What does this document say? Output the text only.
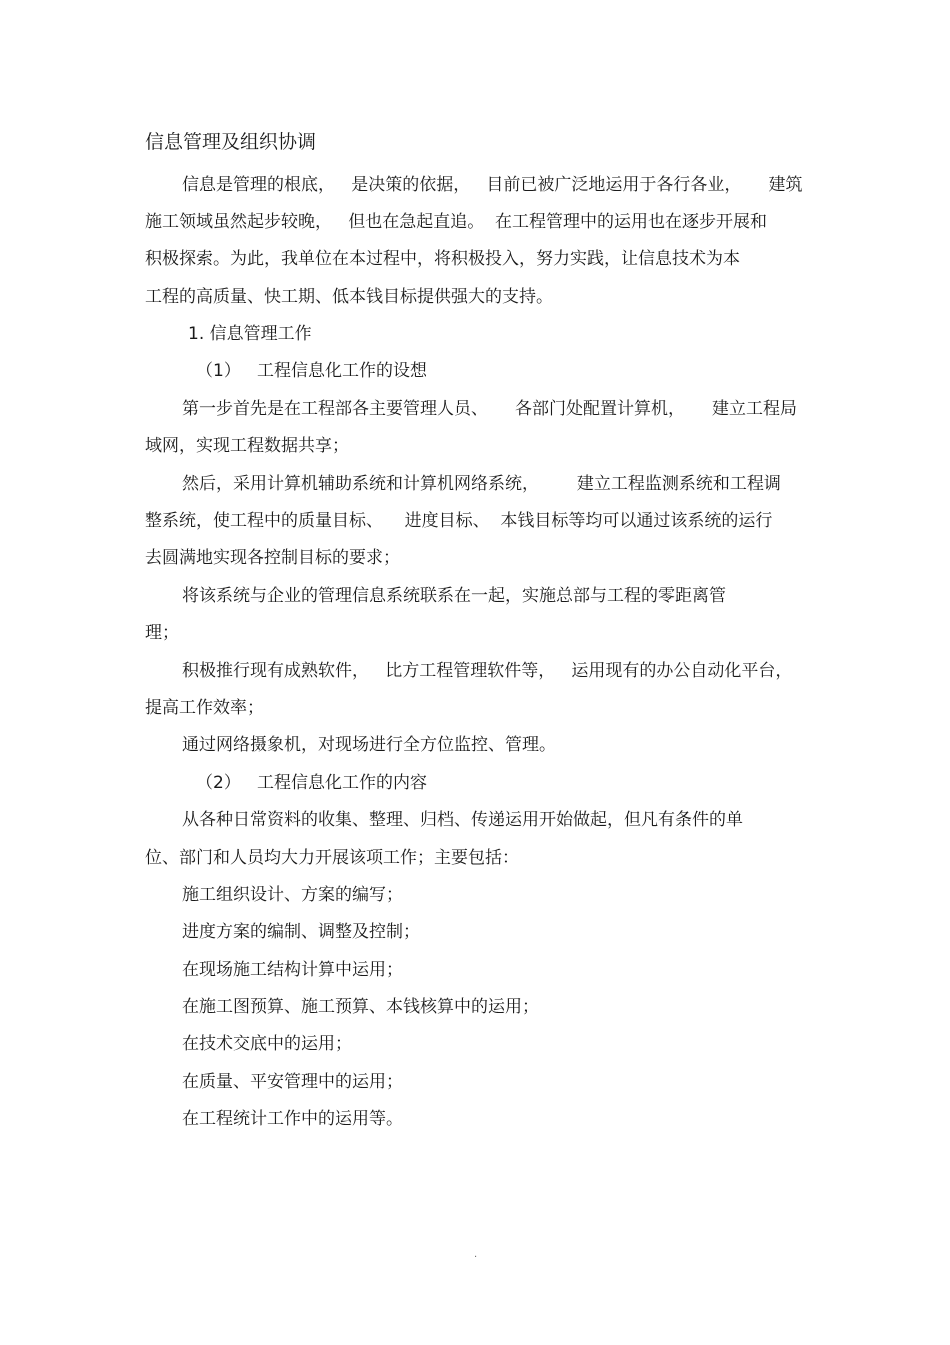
信息管理及组织协调
信息是管理的根底，   是决策的依据，   目前已被广泛地运用于各行各业，     建筑
施工领域虽然起步较晚，   但也在急起直追。  在工程管理中的运用也在逐步开展和
积极探索。为此，我单位在本过程中，将积极投入，努力实践，让信息技术为本
工程的高质量、快工期、低本钱目标提供强大的支持。
1. 信息管理工作
（1）   工程信息化工作的设想
第一步首先是在工程部各主要管理人员、     各部门处配置计算机，     建立工程局
域网，实现工程数据共享；
然后，采用计算机辅助系统和计算机网络系统，       建立工程监测系统和工程调
整系统，使工程中的质量目标、    进度目标、  本钱目标等均可以通过该系统的运行
去圆满地实现各控制目标的要求；
将该系统与企业的管理信息系统联系在一起，实施总部与工程的零距离管
理；
积极推行现有成熟软件，   比方工程管理软件等，   运用现有的办公自动化平台，
提高工作效率；
通过网络摄象机，对现场进行全方位监控、管理。
（2）   工程信息化工作的内容
从各种日常资料的收集、整理、归档、传递运用开始做起，但凡有条件的单
位、部门和人员均大力开展该项工作；主要包括：
施工组织设计、方案的编写；
进度方案的编制、调整及控制；
在现场施工结构计算中运用；
在施工图预算、施工预算、本钱核算中的运用；
在技术交底中的运用；
在质量、平安管理中的运用；
在工程统计工作中的运用等。
.
